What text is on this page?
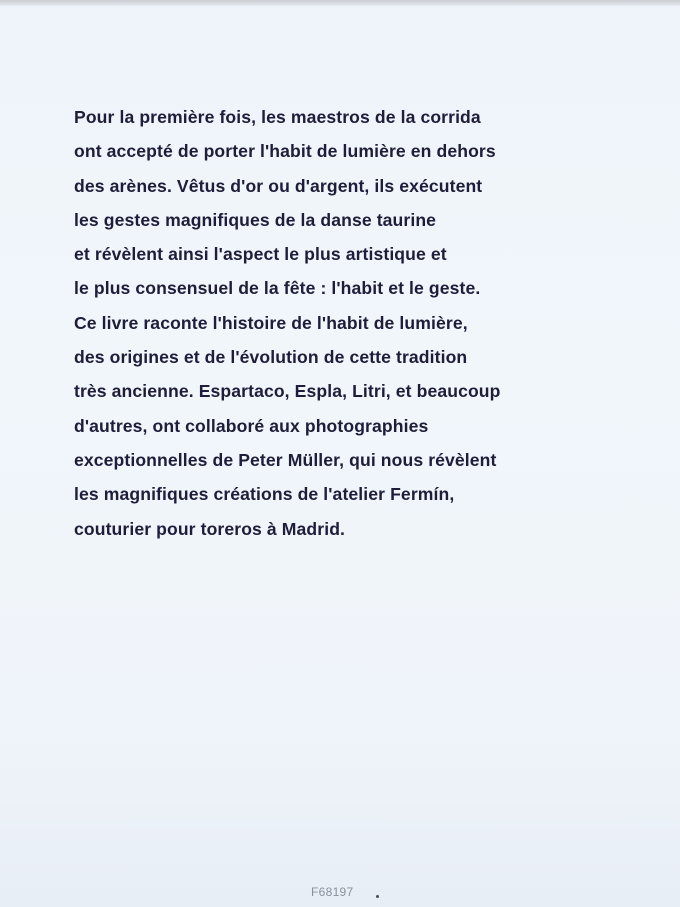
Pour la première fois, les maestros de la corrida
ont accepté de porter l'habit de lumière en dehors
des arènes. Vêtus d'or ou d'argent, ils exécutent
les gestes magnifiques de la danse taurine
et révèlent ainsi l'aspect le plus artistique et
le plus consensuel de la fête : l'habit et le geste.
Ce livre raconte l'histoire de l'habit de lumière,
des origines et de l'évolution de cette tradition
très ancienne. Espartaco, Espla, Litri, et beaucoup
d'autres, ont collaboré aux photographies
exceptionnelles de Peter Müller, qui nous révèlent
les magnifiques créations de l'atelier Fermín,
couturier pour toreros à Madrid.
F68197
